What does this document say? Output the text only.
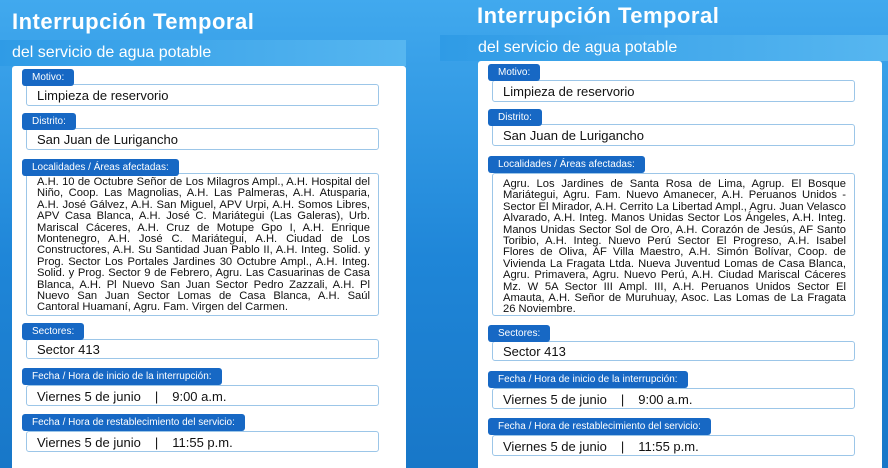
Interrupción Temporal
del servicio de agua potable
Motivo:
Limpieza de reservorio
Distrito:
San Juan de Lurigancho
Localidades / Áreas afectadas:
A.H. 10 de Octubre Señor de Los Milagros Ampl., A.H. Hospital del Niño, Coop. Las Magnolias, A.H. Las Palmeras, A.H. Atusparia, A.H. José Gálvez, A.H. San Miguel, APV Urpi, A.H. Somos Libres, APV Casa Blanca, A.H. José C. Mariátegui (Las Galeras), Urb. Mariscal Cáceres, A.H. Cruz de Motupe Gpo I, A.H. Enrique Montenegro, A.H. José C. Mariátegui, A.H. Ciudad de Los Constructores, A.H. Su Santidad Juan Pablo II, A.H. Integ. Solid. y Prog. Sector Los Portales Jardines 30 Octubre Ampl., A.H. Integ. Solid. y Prog. Sector 9 de Febrero, Agru. Las Casuarinas de Casa Blanca, A.H. Pl Nuevo San Juan Sector Pedro Zazzali, A.H. Pl Nuevo San Juan Sector Lomas de Casa Blanca, A.H. Saúl Cantoral Huamaní, Agru. Fam. Virgen del Carmen.
Sectores:
Sector 413
Fecha / Hora de inicio de la interrupción:
Viernes 5 de junio | 9:00 a.m.
Fecha / Hora de restablecimiento del servicio:
Viernes 5 de junio | 11:55 p.m.
Interrupción Temporal
del servicio de agua potable
Motivo:
Limpieza de reservorio
Distrito:
San Juan de Lurigancho
Localidades / Áreas afectadas:
Agru. Los Jardines de Santa Rosa de Lima, Agrup. El Bosque Mariátegui, Agru. Fam. Nuevo Amanecer, A.H. Peruanos Unidos - Sector El Mirador, A.H. Cerrito La Libertad Ampl., Agru. Juan Velasco Alvarado, A.H. Integ. Manos Unidas Sector Los Ángeles, A.H. Integ. Manos Unidas Sector Sol de Oro, A.H. Corazón de Jesús, AF Santo Toribio, A.H. Integ. Nuevo Perú Sector El Progreso, A.H. Isabel Flores de Oliva, AF Villa Maestro, A.H. Simón Bolívar, Coop. de Vivienda La Fragata Ltda. Nueva Juventud Lomas de Casa Blanca, Agru. Primavera, Agru. Nuevo Perú, A.H. Ciudad Mariscal Cáceres Mz. W 5A Sector III Ampl. III, A.H. Peruanos Unidos Sector El Amauta, A.H. Señor de Muruhuay, Asoc. Las Lomas de La Fragata 26 Noviembre.
Sectores:
Sector 413
Fecha / Hora de inicio de la interrupción:
Viernes 5 de junio | 9:00 a.m.
Fecha / Hora de restablecimiento del servicio:
Viernes 5 de junio | 11:55 p.m.
